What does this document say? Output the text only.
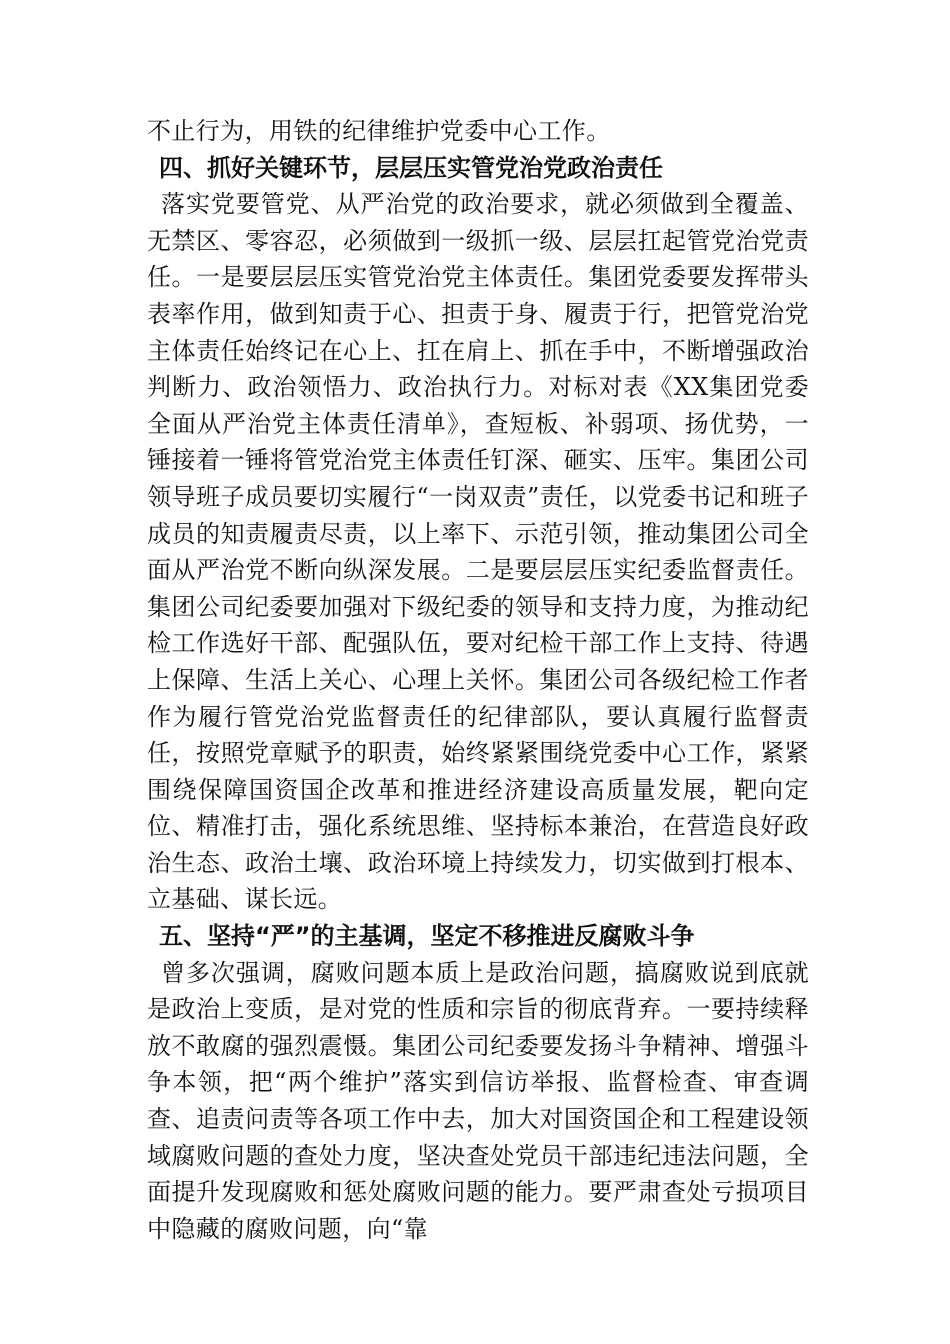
不止行为，用铁的纪律维护党委中心工作。

四、抓好关键环节，层层压实管党治党政治责任

落实党要管党、从严治党的政治要求，就必须做到全覆盖、无禁区、零容忍，必须做到一级抓一级、层层扛起管党治党责任。一是要层层压实管党治党主体责任。集团党委要发挥带头表率作用，做到知责于心、担责于身、履责于行，把管党治党主体责任始终记在心上、扛在肩上、抓在手中，不断增强政治判断力、政治领悟力、政治执行力。对标对表《XX集团党委全面从严治党主体责任清单》，查短板、补弱项、扬优势，一锤接着一锤将管党治党主体责任钉深、砸实、压牢。集团公司领导班子成员要切实履行“一岗双责”责任，以党委书记和班子成员的知责履责尽责，以上率下、示范引领，推动集团公司全面从严治党不断向纵深发展。二是要层层压实纪委监督责任。集团公司纪委要加强对下级纪委的领导和支持力度，为推动纪检工作选好干部、配强队伍，要对纪检干部工作上支持、待遇上保障、生活上关心、心理上关怀。集团公司各级纪检工作者作为履行管党治党监督责任的纪律部队，要认真履行监督责任，按照党章赋予的职责，始终紧紧围绕党委中心工作，紧紧围绕保障国资国企改革和推进经济建设高质量发展，靶向定位、精准打击，强化系统思维、坚持标本兼治，在营造良好政治生态、政治土壤、政治环境上持续发力，切实做到打根本、立基础、谋长远。

五、坚持“严”的主基调，坚定不移推进反腐败斗争

曾多次强调，腐败问题本质上是政治问题，搞腐败说到底就是政治上变质，是对党的性质和宗旨的彻底背弃。一要持续释放不敢腐的强烈震慑。集团公司纪委要发扬斗争精神、增强斗争本领，把“两个维护”落实到信访举报、监督检查、审查调查、追责问责等各项工作中去，加大对国资国企和工程建设领域腐败问题的查处力度，坚决查处党员干部违纪违法问题，全面提升发现腐败和惩处腐败问题的能力。要严肃查处亏损项目中隐藏的腐败问题，向“靠
